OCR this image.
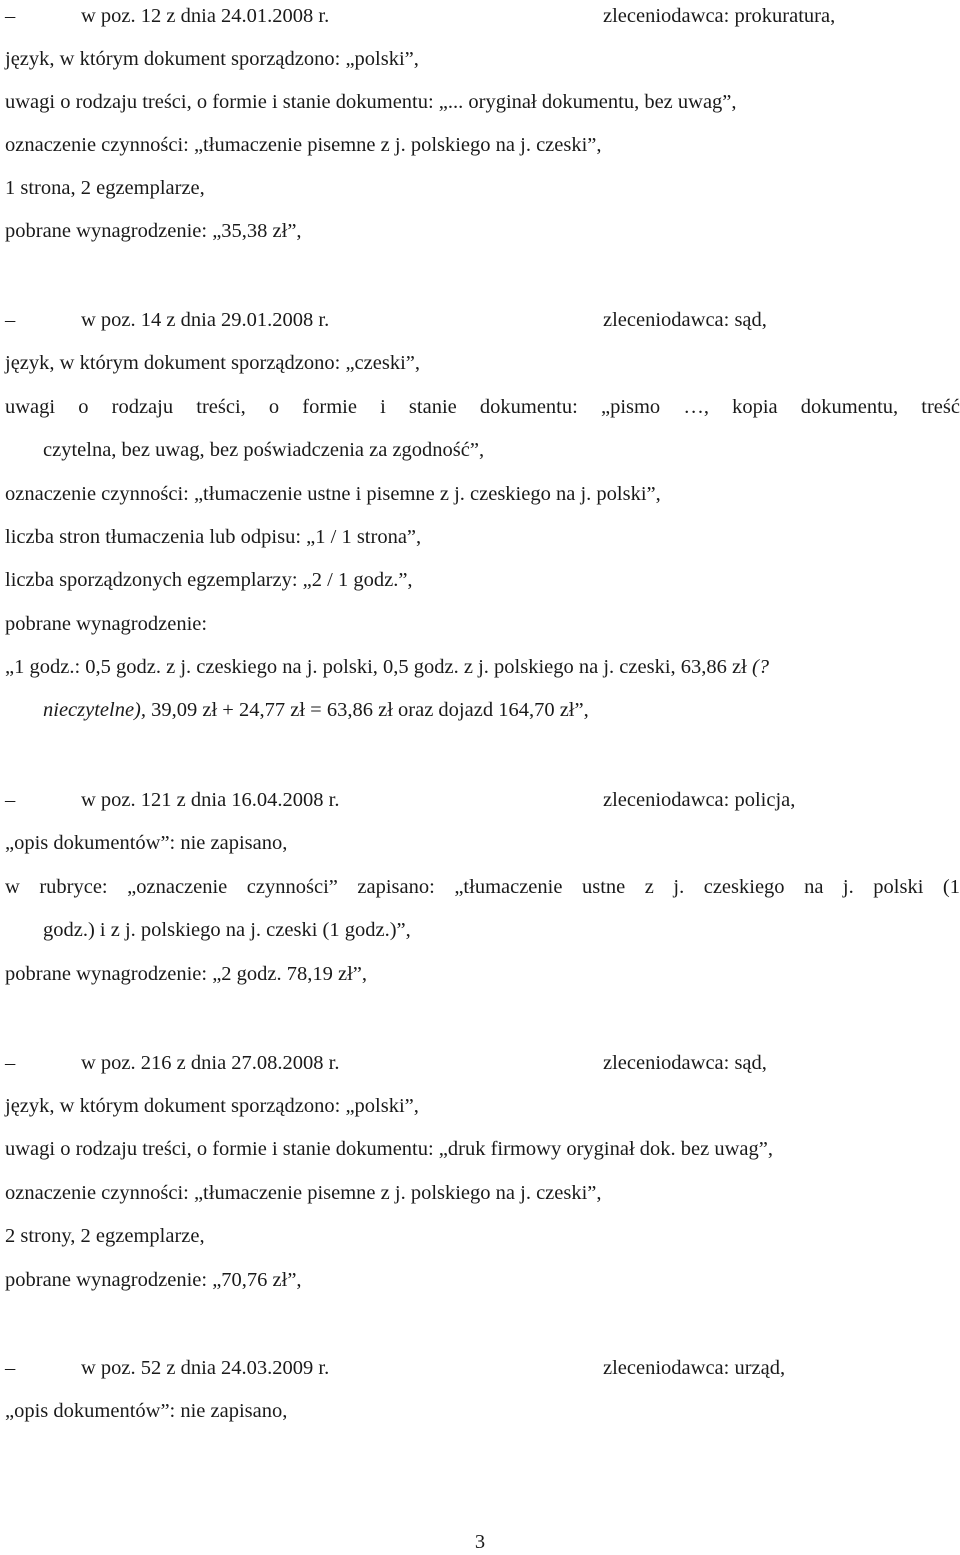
–	w poz. 12 z dnia 24.01.2008 r.	zleceniodawca: prokuratura,
język, w którym dokument sporządzono: „polski”,
uwagi o rodzaju treści, o formie i stanie dokumentu: „... oryginał dokumentu, bez uwag”,
oznaczenie czynności: „tłumaczenie pisemne z j. polskiego na j. czeski”,
1 strona, 2 egzemplarze,
pobrane wynagrodzenie: „35,38 zł”,
–	w poz. 14 z dnia 29.01.2008 r.	zleceniodawca: sąd,
język, w którym dokument sporządzono: „czeski”,
uwagi o rodzaju treści, o formie i stanie dokumentu: „pismo …, kopia dokumentu, treść
czytelna, bez uwag, bez poświadczenia za zgodność”,
oznaczenie czynności: „tłumaczenie ustne i pisemne z j. czeskiego na j. polski”,
liczba stron tłumaczenia lub odpisu: „1 / 1 strona”,
liczba sporządzonych egzemplarzy: „2 / 1 godz.”,
pobrane wynagrodzenie:
„1 godz.: 0,5 godz. z j. czeskiego na j. polski, 0,5 godz. z j. polskiego na j. czeski, 63,86 zł (?
nieczytelne), 39,09 zł + 24,77 zł = 63,86 zł oraz dojazd 164,70 zł”,
–	w poz. 121 z dnia 16.04.2008 r.	zleceniodawca: policja,
„opis dokumentów”: nie zapisano,
w rubryce: „oznaczenie czynności” zapisano: „tłumaczenie ustne z j. czeskiego na j. polski (1
godz.) i z j. polskiego na j. czeski (1 godz.)”,
pobrane wynagrodzenie: „2 godz. 78,19 zł”,
–	w poz. 216 z dnia 27.08.2008 r.	zleceniodawca: sąd,
język, w którym dokument sporządzono: „polski”,
uwagi o rodzaju treści, o formie i stanie dokumentu: „druk firmowy oryginał dok. bez uwag”,
oznaczenie czynności: „tłumaczenie pisemne z j. polskiego na j. czeski”,
2 strony, 2 egzemplarze,
pobrane wynagrodzenie: „70,76 zł”,
–	w poz. 52 z dnia 24.03.2009 r.	zleceniodawca: urząd,
„opis dokumentów”: nie zapisano,
3
